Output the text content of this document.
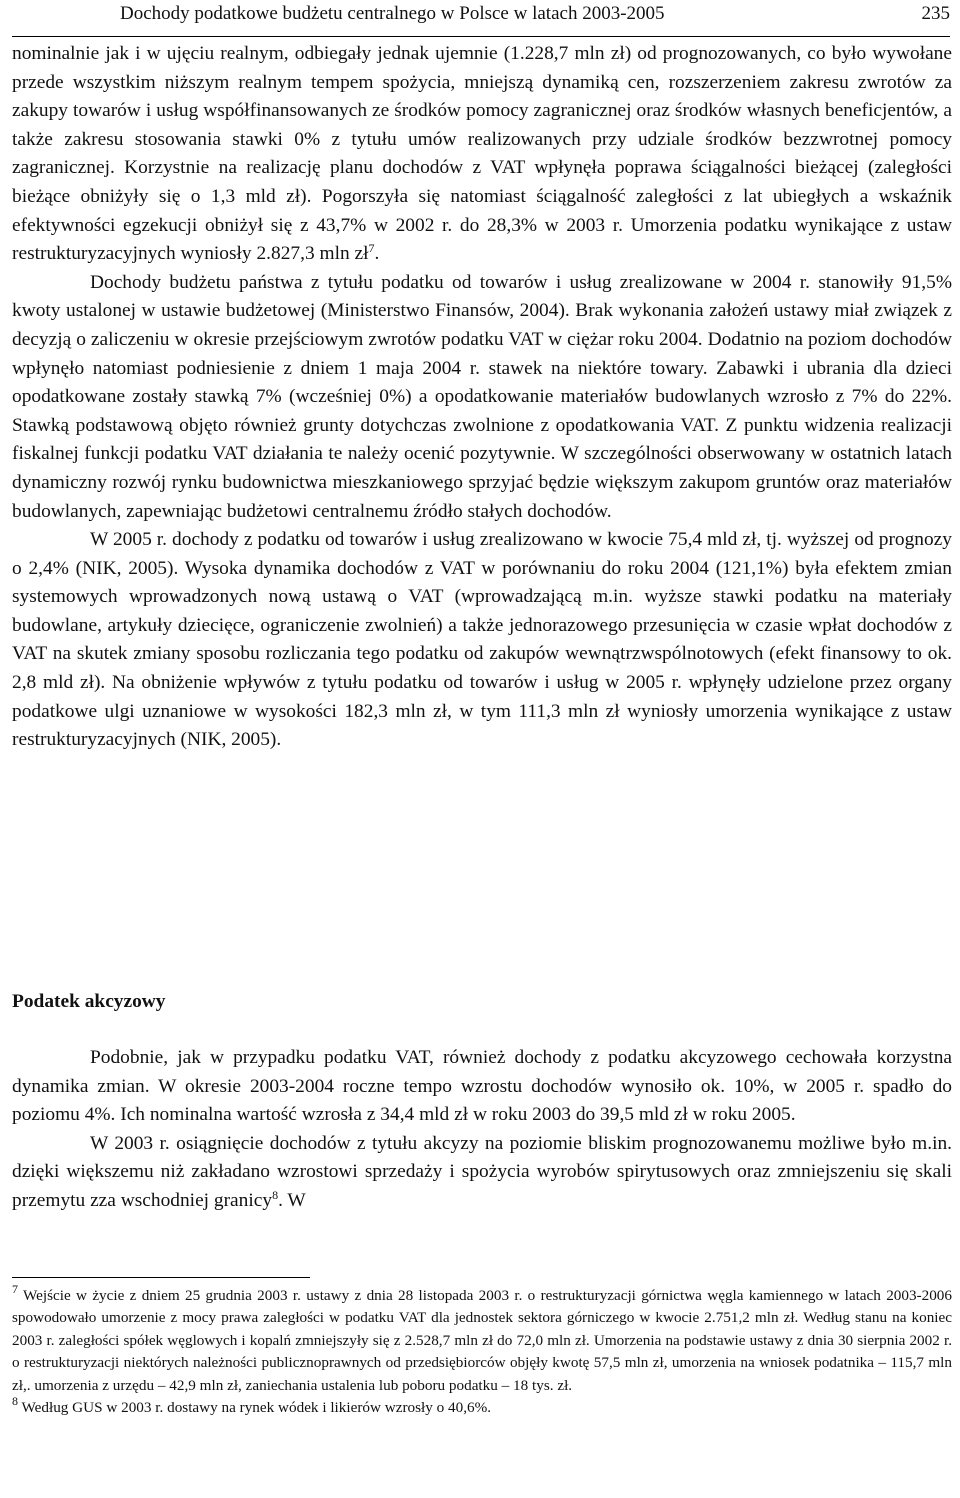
Dochody podatkowe budżetu centralnego w Polsce w latach 2003-2005	235

nominalnie jak i w ujęciu realnym, odbiegały jednak ujemnie (1.228,7 mln zł) od prognozowanych, co było wywołane przede wszystkim niższym realnym tempem spożycia, mniejszą dynamiką cen, rozszerzeniem zakresu zwrotów za zakupy towarów i usług współfinansowanych ze środków pomocy zagranicznej oraz środków własnych beneficjentów, a także zakresu stosowania stawki 0% z tytułu umów realizowanych przy udziale środków bezzwrotnej pomocy zagranicznej. Korzystnie na realizację planu dochodów z VAT wpłynęła poprawa ściągalności bieżącej (zaległości bieżące obniżyły się o 1,3 mld zł). Pogorszyła się natomiast ściągalność zaległości z lat ubiegłych a wskaźnik efektywności egzekucji obniżył się z 43,7% w 2002 r. do 28,3% w 2003 r. Umorzenia podatku wynikające z ustaw restrukturyzacyjnych wyniosły 2.827,3 mln $zł^7$.

Dochody budżetu państwa z tytułu podatku od towarów i usług zrealizowane w 2004 r. stanowiły 91,5% kwoty ustalonej w ustawie budżetowej (Ministerstwo Finansów, 2004). Brak wykonania założeń ustawy miał związek z decyzją o zaliczeniu w okresie przejściowym zwrotów podatku VAT w ciężar roku 2004. Dodatnio na poziom dochodów wpłynęło natomiast podniesienie z dniem 1 maja 2004 r. stawek na niektóre towary. Zabawki i ubrania dla dzieci opodatkowane zostały stawką 7% (wcześniej 0%) a opodatkowanie materiałów budowlanych wzrosło z 7% do 22%. Stawką podstawową objęto również grunty dotychczas zwolnione z opodatkowania VAT. Z punktu widzenia realizacji fiskalnej funkcji podatku VAT działania te należy ocenić pozytywnie. W szczególności obserwowany w ostatnich latach dynamiczny rozwój rynku budownictwa mieszkaniowego sprzyjać będzie większym zakupom gruntów oraz materiałów budowlanych, zapewniając budżetowi centralnemu źródło stałych dochodów.

W 2005 r. dochody z podatku od towarów i usług zrealizowano w kwocie 75,4 mld zł, tj. wyższej od prognozy o 2,4% (NIK, 2005). Wysoka dynamika dochodów z VAT w porównaniu do roku 2004 (121,1%) była efektem zmian systemowych wprowadzonych nową ustawą o VAT (wprowadzającą m.in. wyższe stawki podatku na materiały budowlane, artykuły dziecięce, ograniczenie zwolnień) a także jednorazowego przesunięcia w czasie wpłat dochodów z VAT na skutek zmiany sposobu rozliczania tego podatku od zakupów wewnątrzwspólnotowych (efekt finansowy to ok. 2,8 mld zł). Na obniżenie wpływów z tytułu podatku od towarów i usług w 2005 r. wpłynęły udzielone przez organy podatkowe ulgi uznaniowe w wysokości 182,3 mln zł, w tym 111,3 mln zł wyniosły umorzenia wynikające z ustaw restrukturyzacyjnych (NIK, 2005).

Podatek akcyzowy

Podobnie, jak w przypadku podatku VAT, również dochody z podatku akcyzowego cechowała korzystna dynamika zmian. W okresie 2003-2004 roczne tempo wzrostu dochodów wynosiło ok. 10%, w 2005 r. spadło do poziomu 4%. Ich nominalna wartość wzrosła z 34,4 mld zł w roku 2003 do 39,5 mld zł w roku 2005.

W 2003 r. osiągnięcie dochodów z tytułu akcyzy na poziomie bliskim prognozowanemu możliwe było m.in. dzięki większemu niż zakładano wzrostowi sprzedaży i spożycia wyrobów spirytusowych oraz zmniejszeniu się skali przemytu zza wschodniej granicy$^8$. W

$^7$ Wejście w życie z dniem 25 grudnia 2003 r. ustawy z dnia 28 listopada 2003 r. o restrukturyzacji górnictwa węgla kamiennego w latach 2003-2006 spowodowało umorzenie z mocy prawa zaległości w podatku VAT dla jednostek sektora górniczego w kwocie 2.751,2 mln zł. Według stanu na koniec 2003 r. zaległości spółek węglowych i kopalń zmniejszyły się z 2.528,7 mln zł do 72,0 mln zł. Umorzenia na podstawie ustawy z dnia 30 sierpnia 2002 r. o restrukturyzacji niektórych należności publicznoprawnych od przedsiębiorców objęły kwotę 57,5 mln zł, umorzenia na wniosek podatnika – 115,7 mln zł,. umorzenia z urzędu – 42,9 mln zł, zaniechania ustalenia lub poboru podatku – 18 tys. zł.

$^8$ Według GUS w 2003 r. dostawy na rynek wódek i likierów wzrosły o 40,6%.
